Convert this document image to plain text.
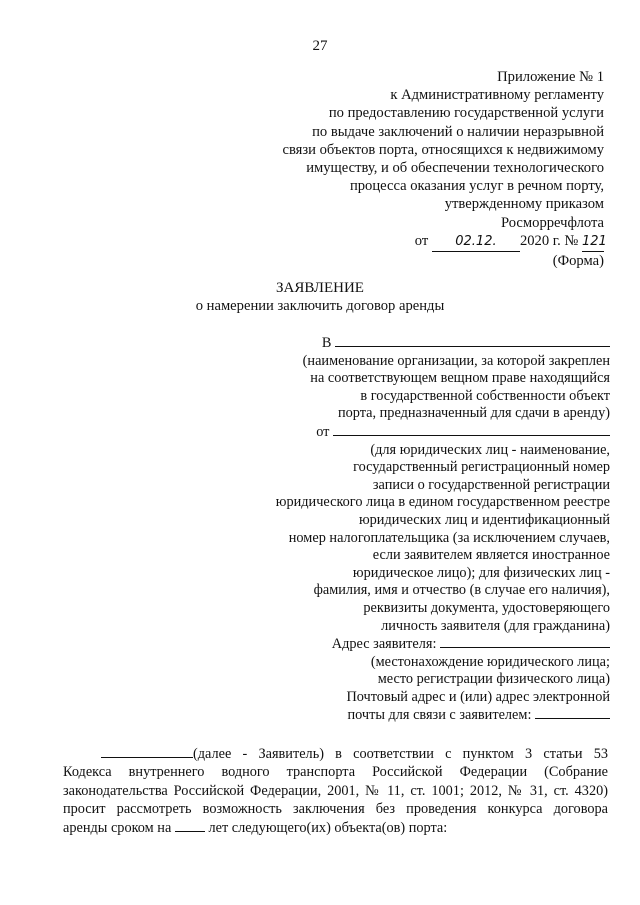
27
Приложение № 1
к Административному регламенту
по предоставлению государственной услуги
по выдаче заключений о наличии неразрывной
связи объектов порта, относящихся к недвижимому
имуществу, и об обеспечении технологического
процесса оказания услуг в речном порту,
утвержденному приказом
Росморречфлота
от 02.12. 2020 г. № 121
(Форма)
ЗАЯВЛЕНИЕ
о намерении заключить договор аренды
В
(наименование организации, за которой закреплен
на соответствующем вещном праве находящийся
в государственной собственности объект
порта, предназначенный для сдачи в аренду)
от
(для юридических лиц - наименование,
государственный регистрационный номер
записи о государственной регистрации
юридического лица в едином государственном реестре
юридических лиц и идентификационный
номер налогоплательщика (за исключением случаев,
если заявителем является иностранное
юридическое лицо); для физических лиц -
фамилия, имя и отчество (в случае его наличия),
реквизиты документа, удостоверяющего
личность заявителя (для гражданина)
Адрес заявителя:
(местонахождение юридического лица;
место регистрации физического лица)
Почтовый адрес и (или) адрес электронной
почты для связи с заявителем:
(далее - Заявитель) в соответствии с пунктом 3 статьи 53
Кодекса внутреннего водного транспорта Российской Федерации (Собрание
законодательства Российской Федерации, 2001, № 11, ст. 1001; 2012, № 31, ст. 4320)
просит рассмотреть возможность заключения без проведения конкурса договора
аренды сроком на	лет следующего(их) объекта(ов) порта:
